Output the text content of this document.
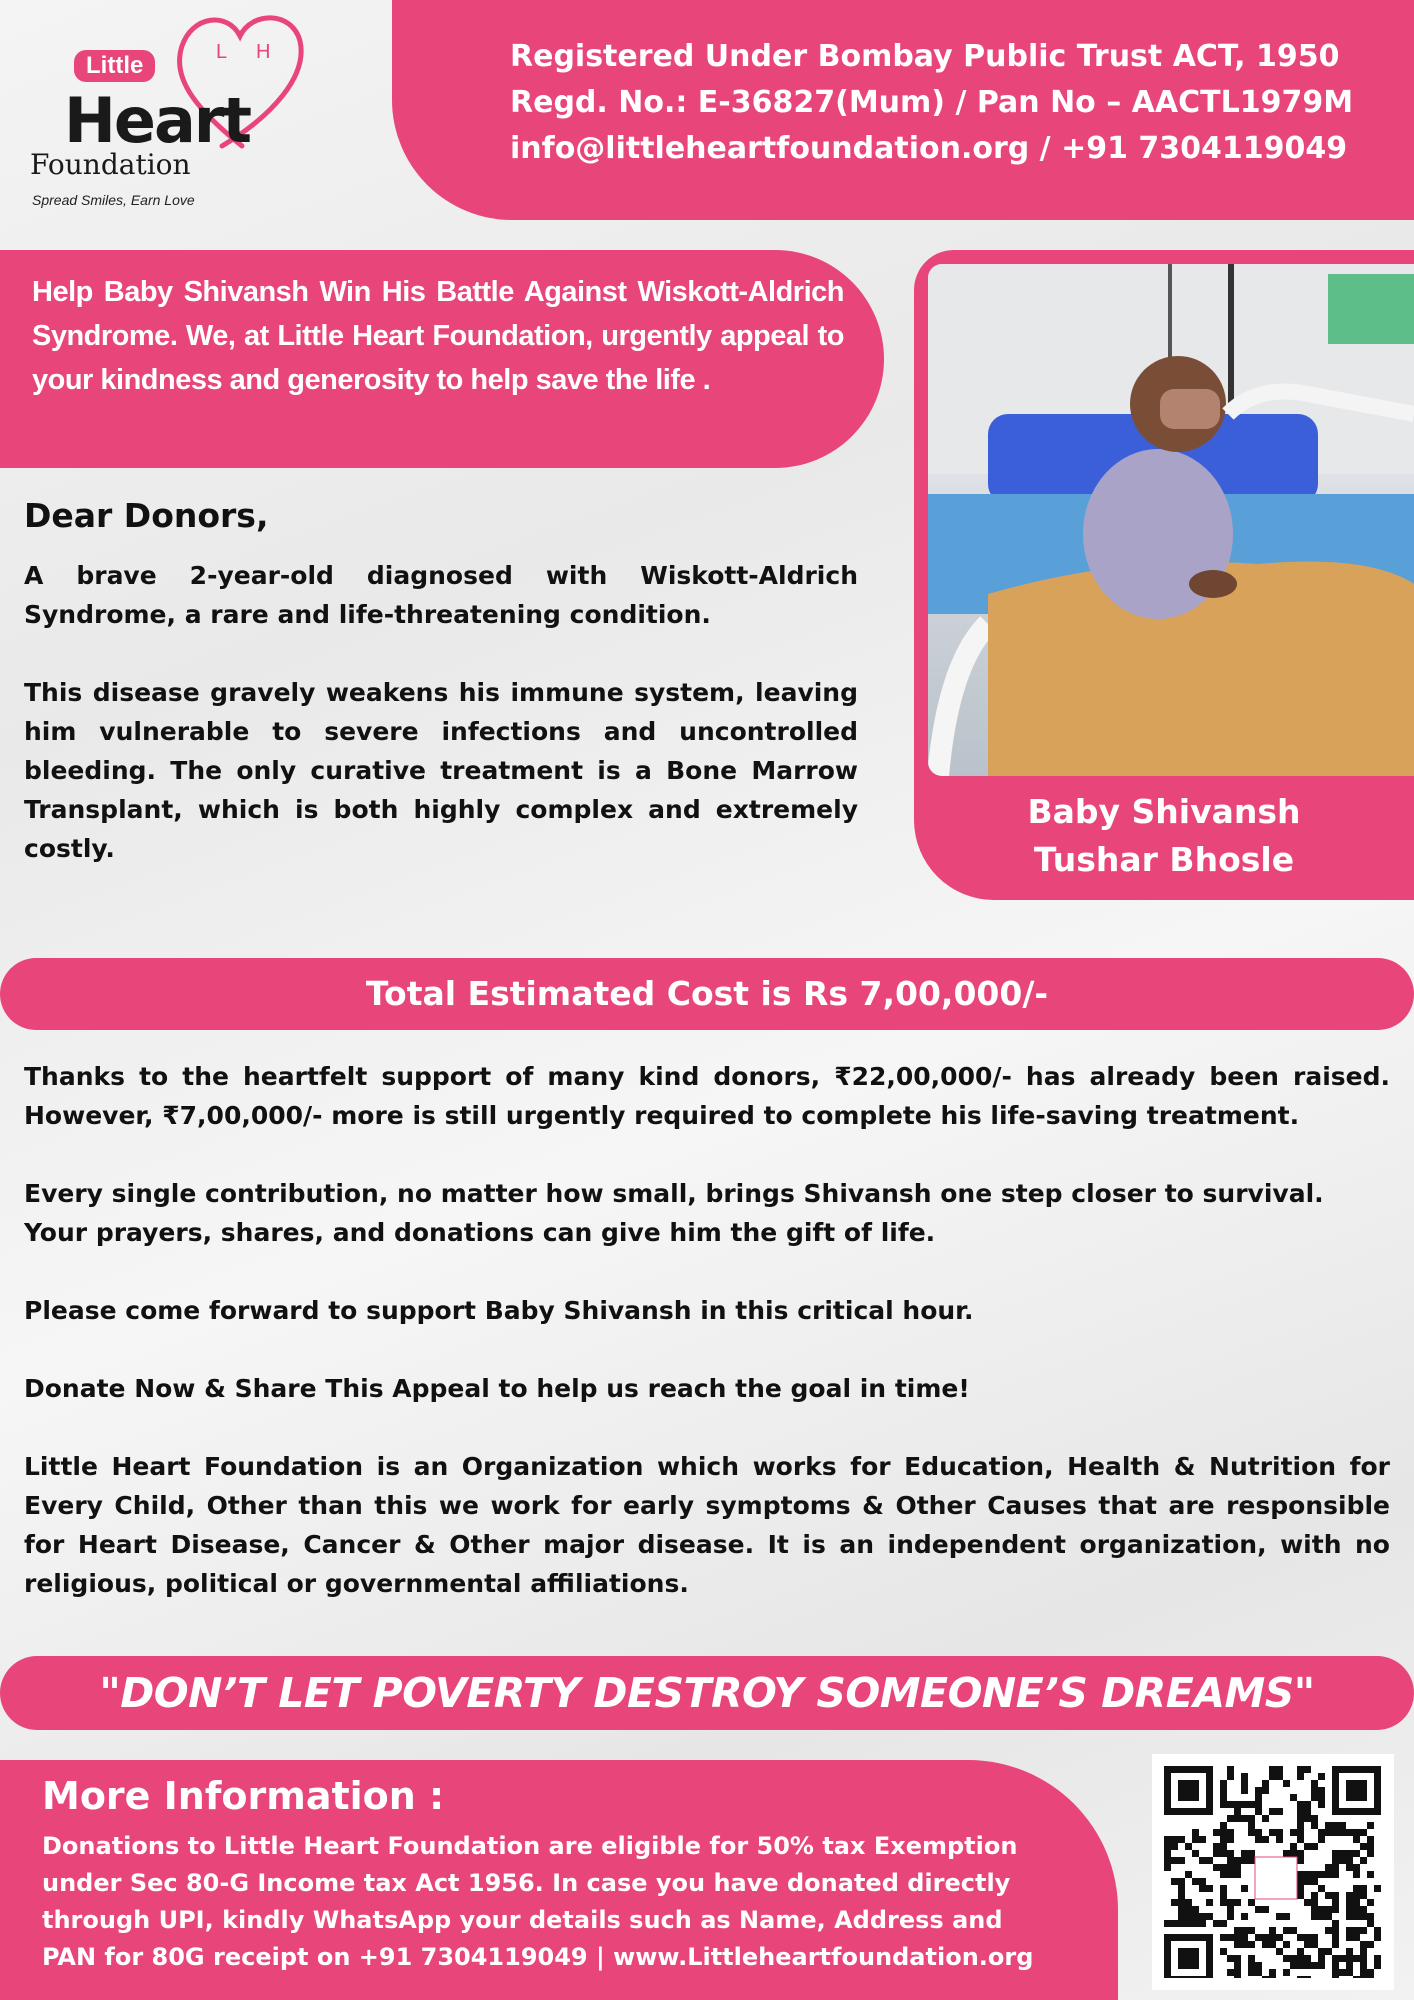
L H
Little
Heart
Foundation
Spread Smiles, Earn Love
Registered Under Bombay Public Trust ACT, 1950
Regd. No.: E-36827(Mum) / Pan No – AACTL1979M
info@littleheartfoundation.org / +91 7304119049
Help Baby Shivansh Win His Battle Against Wiskott-Aldrich Syndrome. We, at Little Heart Foundation, urgently appeal to your kindness and generosity to help save the life .
Baby Shivansh
Tushar Bhosle
Dear Donors,

A brave 2-year-old diagnosed with Wiskott-Aldrich Syndrome, a rare and life-threatening condition.

This disease gravely weakens his immune system, leaving him vulnerable to severe infections and uncontrolled bleeding. The only curative treatment is a Bone Marrow Transplant, which is both highly complex and extremely costly.

Total Estimated Cost is Rs 7,00,000/-

Thanks to the heartfelt support of many kind donors, ₹22,00,000/- has already been raised. However, ₹7,00,000/- more is still urgently required to complete his life-saving treatment.

Every single contribution, no matter how small, brings Shivansh one step closer to survival.
Your prayers, shares, and donations can give him the gift of life.

Please come forward to support Baby Shivansh in this critical hour.

Donate Now & Share This Appeal to help us reach the goal in time!

Little Heart Foundation is an Organization which works for Education, Health & Nutrition for Every Child, Other than this we work for early symptoms & Other Causes that are responsible for Heart Disease, Cancer & Other major disease. It is an independent organization, with no religious, political or governmental affiliations.

"DON’T LET POVERTY DESTROY SOMEONE’S DREAMS"
More Information :
Donations to Little Heart Foundation are eligible for 50% tax Exemption
under Sec 80-G Income tax Act 1956. In case you have donated directly
through UPI, kindly WhatsApp your details such as Name, Address and
PAN for 80G receipt on +91 7304119049 | www.Littleheartfoundation.org
